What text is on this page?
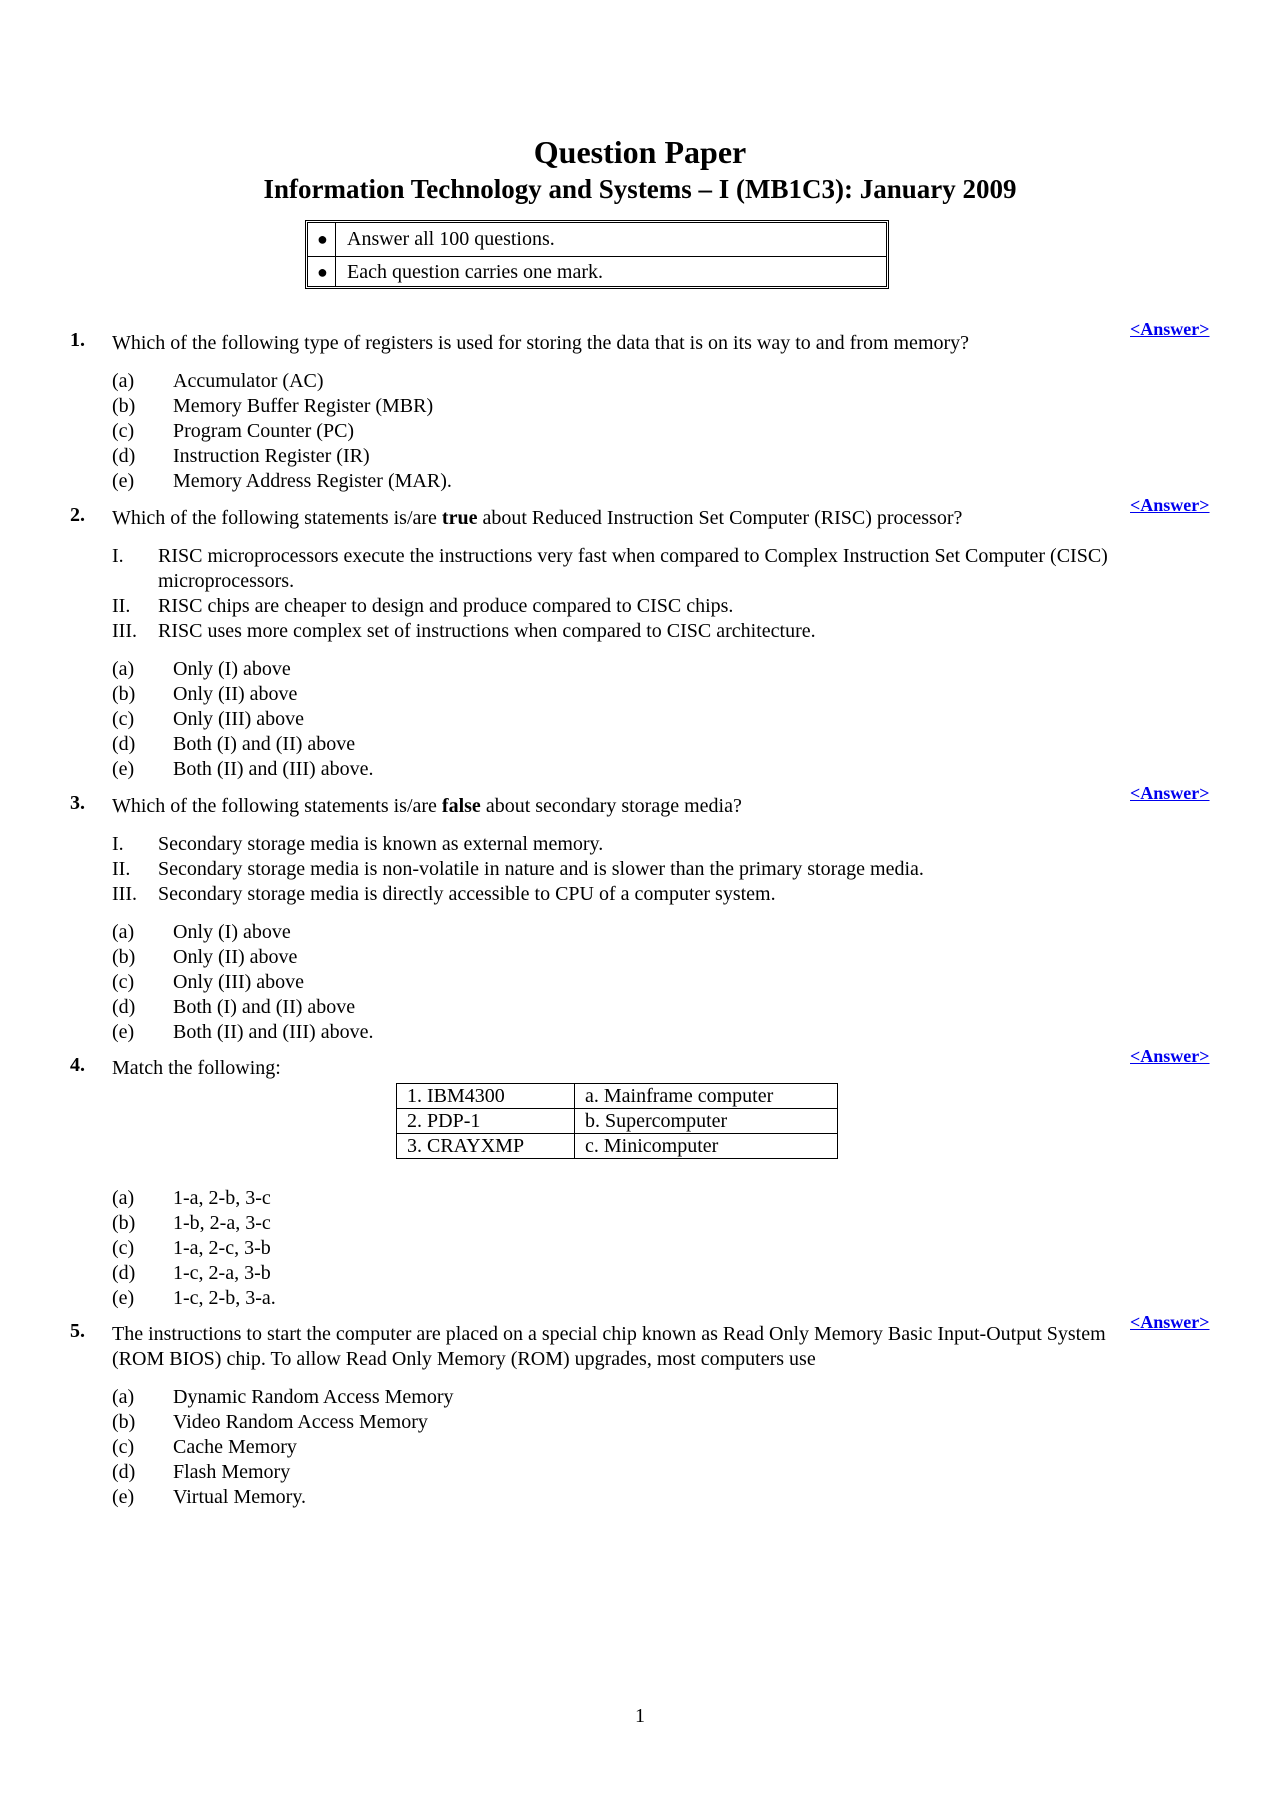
Question Paper
Information Technology and Systems – I (MB1C3): January 2009
● Answer all 100 questions.
● Each question carries one mark.
1. Which of the following type of registers is used for storing the data that is on its way to and from memory?
<Answer>
(a) Accumulator (AC)
(b) Memory Buffer Register (MBR)
(c) Program Counter (PC)
(d) Instruction Register (IR)
(e) Memory Address Register (MAR).
2. Which of the following statements is/are true about Reduced Instruction Set Computer (RISC) processor?
<Answer>
I. RISC microprocessors execute the instructions very fast when compared to Complex Instruction Set Computer (CISC) microprocessors.
II. RISC chips are cheaper to design and produce compared to CISC chips.
III. RISC uses more complex set of instructions when compared to CISC architecture.
(a) Only (I) above
(b) Only (II) above
(c) Only (III) above
(d) Both (I) and (II) above
(e) Both (II) and (III) above.
3. Which of the following statements is/are false about secondary storage media?
<Answer>
I. Secondary storage media is known as external memory.
II. Secondary storage media is non-volatile in nature and is slower than the primary storage media.
III. Secondary storage media is directly accessible to CPU of a computer system.
(a) Only (I) above
(b) Only (II) above
(c) Only (III) above
(d) Both (I) and (II) above
(e) Both (II) and (III) above.
4. Match the following:
<Answer>
1. IBM4300	a. Mainframe computer
2. PDP-1	b. Supercomputer
3. CRAYXMP	c. Minicomputer
(a) 1-a, 2-b, 3-c
(b) 1-b, 2-a, 3-c
(c) 1-a, 2-c, 3-b
(d) 1-c, 2-a, 3-b
(e) 1-c, 2-b, 3-a.
5. The instructions to start the computer are placed on a special chip known as Read Only Memory Basic Input-Output System (ROM BIOS) chip. To allow Read Only Memory (ROM) upgrades, most computers use
<Answer>
(a) Dynamic Random Access Memory
(b) Video Random Access Memory
(c) Cache Memory
(d) Flash Memory
(e) Virtual Memory.
1
